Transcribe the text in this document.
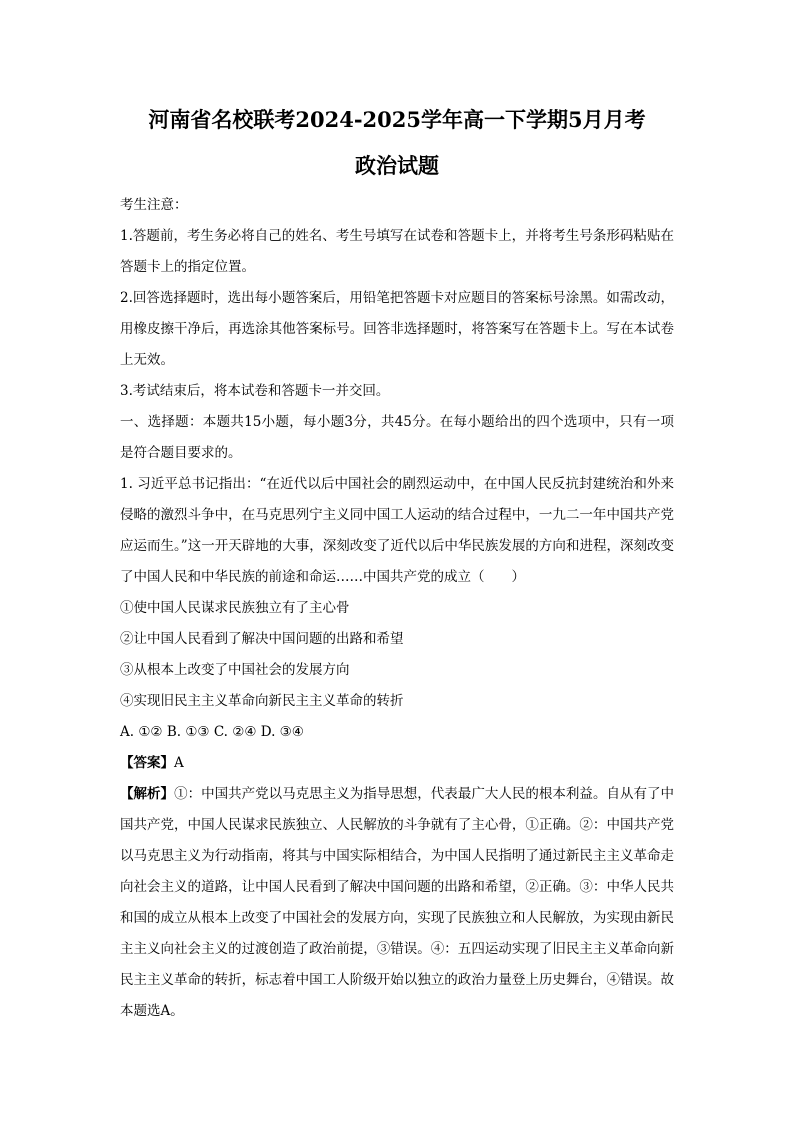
河南省名校联考2024-2025学年高一下学期5月月考
政治试题

考生注意：

1.答题前，考生务必将自己的姓名、考生号填写在试卷和答题卡上，并将考生号条形码粘贴在答题卡上的指定位置。

2.回答选择题时，选出每小题答案后，用铅笔把答题卡对应题目的答案标号涂黑。如需改动，用橡皮擦干净后，再选涂其他答案标号。回答非选择题时，将答案写在答题卡上。写在本试卷上无效。

3.考试结束后，将本试卷和答题卡一并交回。

一、选择题：本题共15小题，每小题3分，共45分。在每小题给出的四个选项中，只有一项是符合题目要求的。

1. 习近平总书记指出：“在近代以后中国社会的剧烈运动中，在中国人民反抗封建统治和外来侵略的激烈斗争中，在马克思列宁主义同中国工人运动的结合过程中，一九二一年中国共产党应运而生。”这一开天辟地的大事，深刻改变了近代以后中华民族发展的方向和进程，深刻改变了中国人民和中华民族的前途和命运……中国共产党的成立（　　）

①使中国人民谋求民族独立有了主心骨

②让中国人民看到了解决中国问题的出路和希望

③从根本上改变了中国社会的发展方向

④实现旧民主主义革命向新民主主义革命的转折

A. ①② B. ①③ C. ②④ D. ③④

【答案】A

【解析】①：中国共产党以马克思主义为指导思想，代表最广大人民的根本利益。自从有了中国共产党，中国人民谋求民族独立、人民解放的斗争就有了主心骨，①正确。②：中国共产党以马克思主义为行动指南，将其与中国实际相结合，为中国人民指明了通过新民主主义革命走向社会主义的道路，让中国人民看到了解决中国问题的出路和希望，②正确。③：中华人民共和国的成立从根本上改变了中国社会的发展方向，实现了民族独立和人民解放，为实现由新民主主义向社会主义的过渡创造了政治前提，③错误。④：五四运动实现了旧民主主义革命向新民主主义革命的转折，标志着中国工人阶级开始以独立的政治力量登上历史舞台，④错误。故本题选A。
